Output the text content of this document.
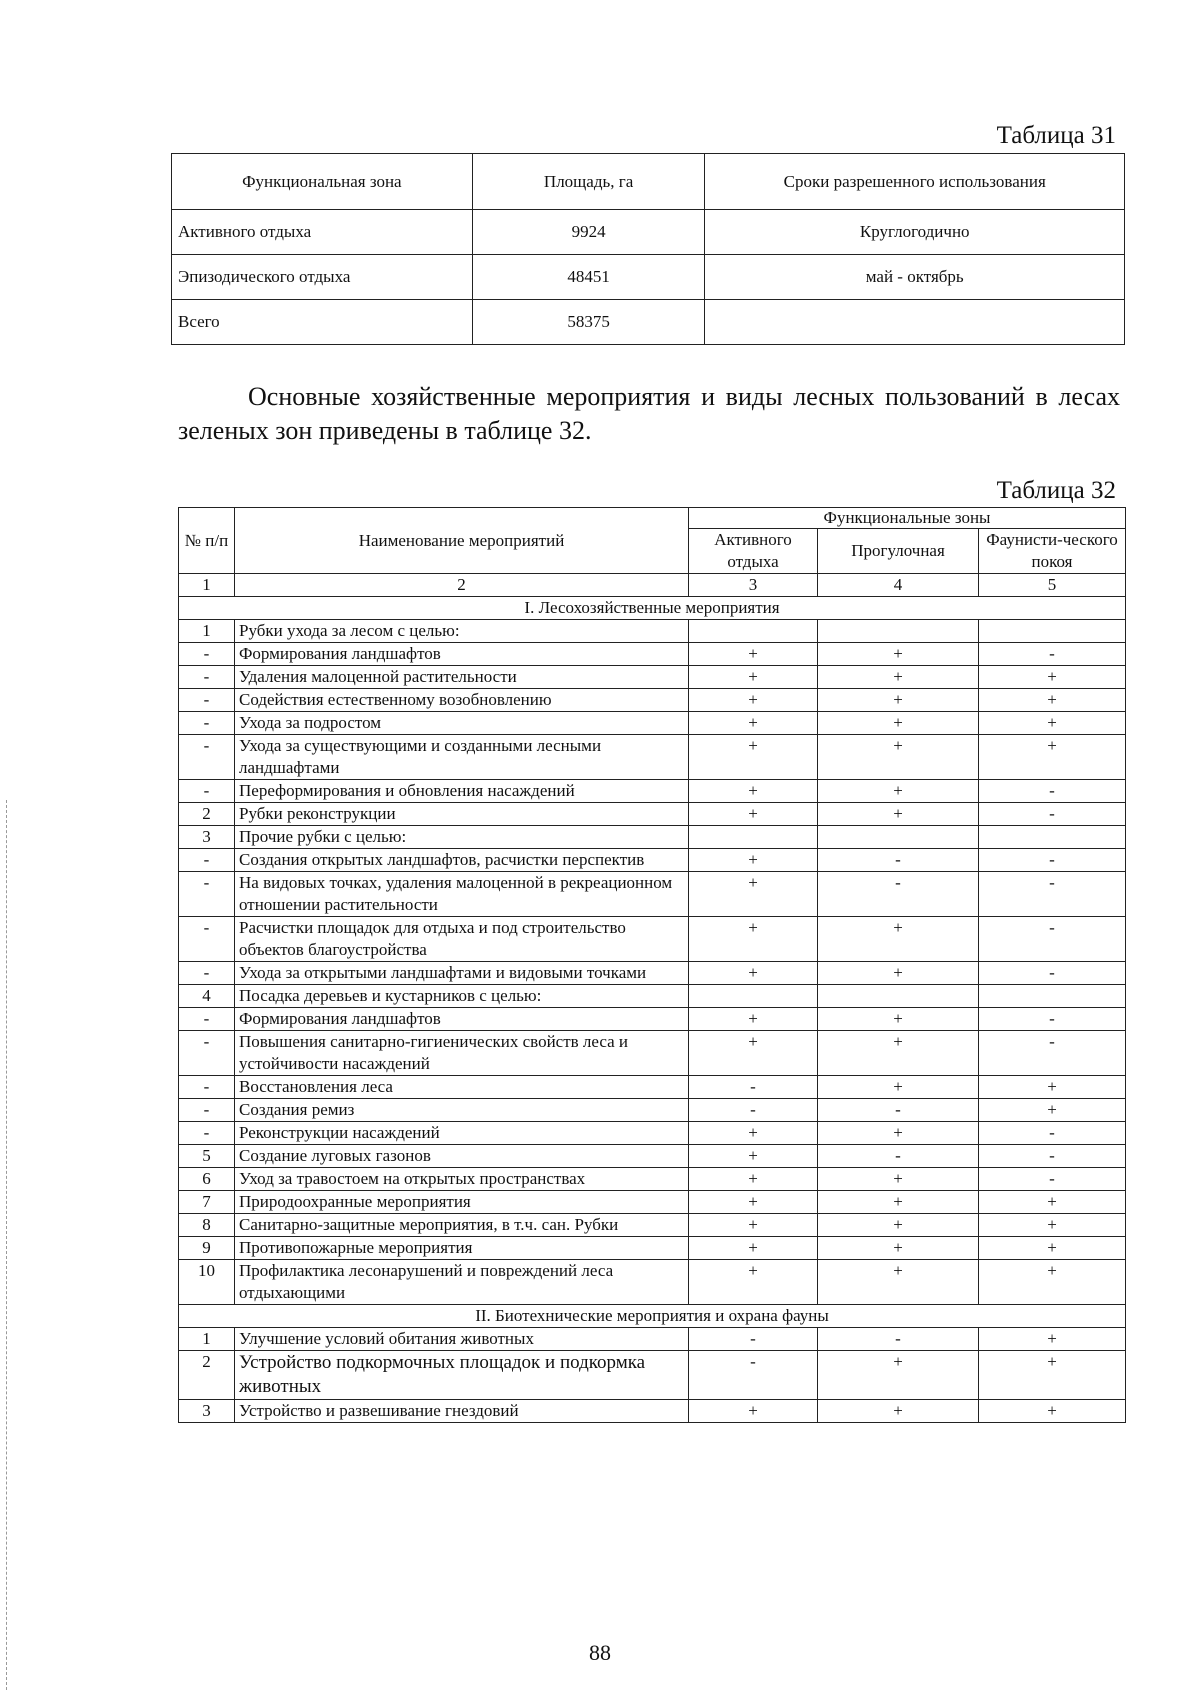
Таблица 31
Функциональная зона	Площадь, га	Сроки разрешенного использования
Активного отдыха	9924	Круглогодично
Эпизодического отдыха	48451	май - октябрь
Всего	58375	
Основные хозяйственные мероприятия и виды лесных пользований в лесах зеленых зон приведены в таблице 32.
Таблица 32
№ п/п	Наименование мероприятий	Функциональные зоны		
		Активного отдыха	Прогулочная	Фаунисти-ческого покоя
1	2	3	4	5
I. Лесохозяйственные мероприятия				
1	Рубки ухода за лесом с целью:			
-	Формирования ландшафтов	+	+	-
-	Удаления малоценной растительности	+	+	+
-	Содействия естественному возобновлению	+	+	+
-	Ухода за подростом	+	+	+
-	Ухода за существующими и созданными лесными ландшафтами	+	+	+
-	Переформирования и обновления насаждений	+	+	-
2	Рубки реконструкции	+	+	-
3	Прочие рубки с целью:			
-	Создания открытых ландшафтов, расчистки перспектив	+	-	-
-	На видовых точках, удаления малоценной в рекреационном отношении растительности	+	-	-
-	Расчистки площадок для отдыха и под строительство объектов благоустройства	+	+	-
-	Ухода за открытыми ландшафтами и видовыми точками	+	+	-
4	Посадка деревьев и кустарников с целью:			
-	Формирования ландшафтов	+	+	-
-	Повышения санитарно-гигиенических свойств леса и устойчивости насаждений	+	+	-
-	Восстановления леса	-	+	+
-	Создания ремиз	-	-	+
-	Реконструкции насаждений	+	+	-
5	Создание луговых газонов	+	-	-
6	Уход за травостоем на открытых пространствах	+	+	-
7	Природоохранные мероприятия	+	+	+
8	Санитарно-защитные мероприятия, в т.ч. сан. Рубки	+	+	+
9	Противопожарные мероприятия	+	+	+
10	Профилактика лесонарушений и повреждений леса отдыхающими	+	+	+
II. Биотехнические мероприятия и охрана фауны				
1	Улучшение условий обитания животных	-	-	+
2	Устройство подкормочных площадок и подкормка животных	-	+	+
3	Устройство и развешивание гнездовий	+	+	+
88
